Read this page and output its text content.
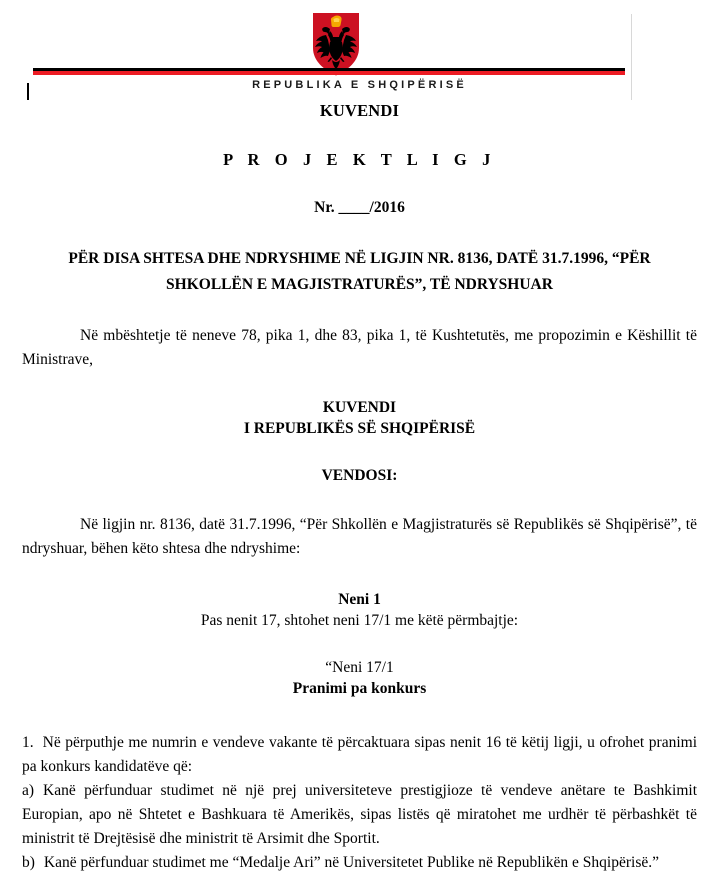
REPUBLIKA E SHQIPËRISË
KUVENDI
P R O J E K T L I G J
Nr. ____/2016
PËR DISA SHTESA DHE NDRYSHIME NË LIGJIN NR. 8136, DATË 31.7.1996, “PËR SHKOLLËN E MAGJISTRATURËS”, TË NDRYSHUAR
Në mbështetje të neneve 78, pika 1, dhe 83, pika 1, të Kushtetutës, me propozimin e Këshillit të Ministrave,
KUVENDI
I REPUBLIKËS SË SHQIPËRISË
VENDOSI:
Në ligjin nr. 8136, datë 31.7.1996, “Për Shkollën e Magjistraturës së Republikës së Shqipërisë”, të ndryshuar, bëhen këto shtesa dhe ndryshime:
Neni 1
Pas nenit 17, shtohet neni 17/1 me këtë përmbajtje:
“Neni 17/1
Pranimi pa konkurs
1. Në përputhje me numrin e vendeve vakante të përcaktuara sipas nenit 16 të këtij ligji, u ofrohet pranimi pa konkurs kandidatëve që:
a) Kanë përfunduar studimet në një prej universiteteve prestigjioze të vendeve anëtare te Bashkimit Europian, apo në Shtetet e Bashkuara të Amerikës, sipas listës që miratohet me urdhër të përbashkët të ministrit të Drejtësisë dhe ministrit të Arsimit dhe Sportit.
b) Kanë përfunduar studimet me “Medalje Ari” në Universitetet Publike në Republikën e Shqipërisë.”
